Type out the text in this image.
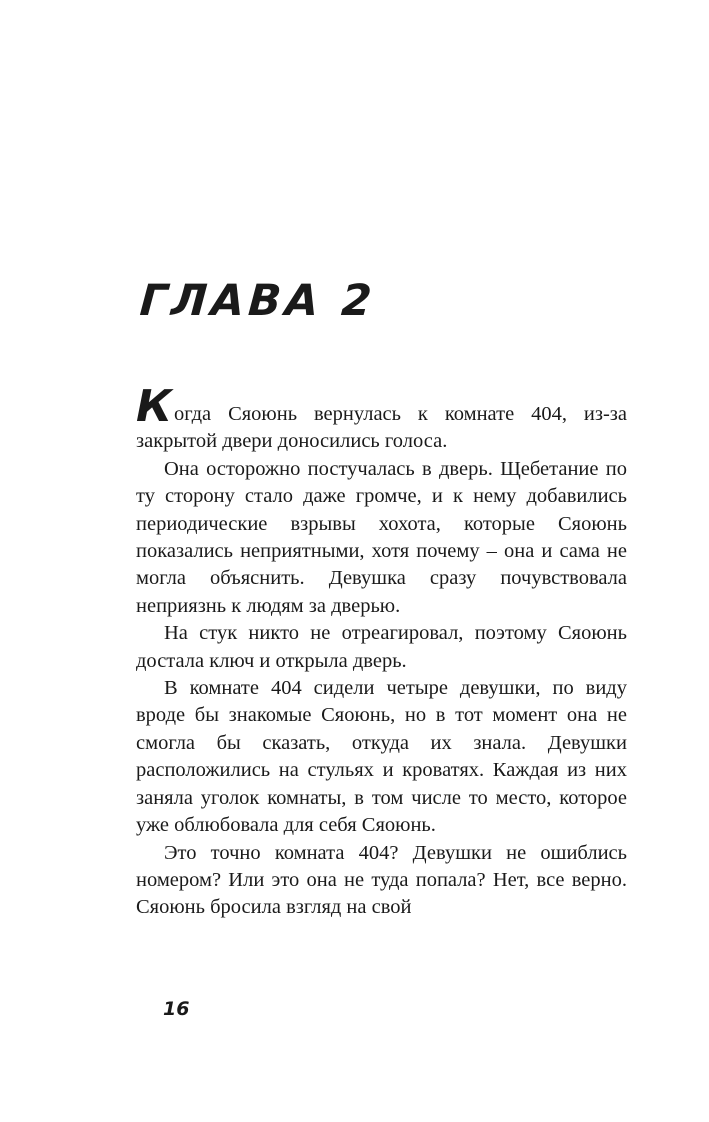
ГЛАВА 2

Когда Сяоюнь вернулась к комнате 404, из-за закрытой двери доносились голоса.

Она осторожно постучалась в дверь. Щебетание по ту сторону стало даже громче, и к нему добавились периодические взрывы хохота, которые Сяоюнь показались неприятными, хотя почему – она и сама не могла объяснить. Девушка сразу почувствовала неприязнь к людям за дверью.

На стук никто не отреагировал, поэтому Сяоюнь достала ключ и открыла дверь.

В комнате 404 сидели четыре девушки, по виду вроде бы знакомые Сяоюнь, но в тот момент она не смогла бы сказать, откуда их знала. Девушки расположились на стульях и кроватях. Каждая из них заняла уголок комнаты, в том числе то место, которое уже облюбовала для себя Сяоюнь.

Это точно комната 404? Девушки не ошиблись номером? Или это она не туда попала? Нет, все верно. Сяоюнь бросила взгляд на свой

16
